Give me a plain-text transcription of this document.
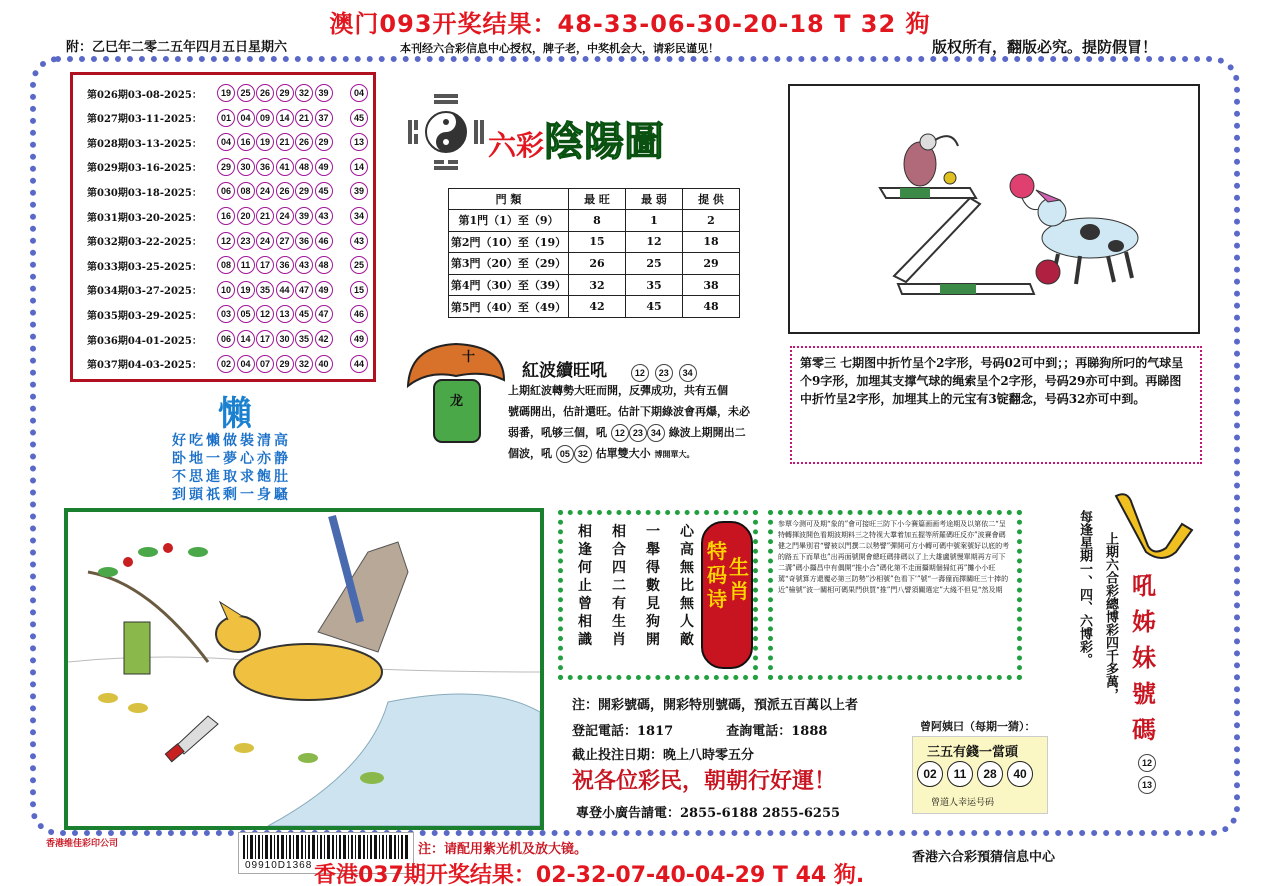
澳门093开奖结果：48-33-06-30-20-18 T 32 狗
附：乙巳年二零二五年四月五日星期六	本刊经六合彩信息中心授权，牌子老，中奖机会大，请彩民谨见！	版权所有，翻版必究。提防假冒！
第026期03-08-2025：	19	25	26	29	32	39	04
第027期03-11-2025：	01	04	09	14	21	37	45
第028期03-13-2025：	04	16	19	21	26	29	13
第029期03-16-2025：	29	30	36	41	48	49	14
第030期03-18-2025：	06	08	24	26	29	45	39
第031期03-20-2025：	16	20	21	24	39	43	34
第032期03-22-2025：	12	23	24	27	36	46	43
第033期03-25-2025：	08	11	17	36	43	48	25
第034期03-27-2025：	10	19	35	44	47	49	15
第035期03-29-2025：	03	05	12	13	45	47	46
第036期04-01-2025：	06	14	17	30	35	42	49
第037期04-03-2025：	02	04	07	29	32	40	44
六彩陰陽圖
門 類	最 旺	最 弱	提 供
第1門（1）至（9）	8	1	2
第2門（10）至（19）	15	12	18
第3門（20）至（29）	26	25	29
第4門（30）至（39）	32	35	38
第5門（40）至（49）	42	45	48
第零三 七期图中折竹呈个2字形，号码02可中到；；再睇狗所叼的气球呈个9字形，加埋其支撑气球的绳索呈个2字形，号码29亦可中到。再睇图中折竹呈2字形，加埋其上的元宝有3锭翻念，号码32亦可中到。
十
龙
紅波續旺吼	12 23 34
上期紅波轉勢大旺而開，反彈成功，共有五個
號碼開出，估計還旺。估計下期綠波會再爆，未必
弱番，吼够三個，吼 12 23 34 綠波上期開出二
個波，吼 05 32 估單雙大小 博開單大。
懶
好吃懶做裝清高
卧地一夢心亦静
不思進取求飽肚
到頭祇剩一身騷
心高無比無人敵
一舉得數見狗開
相合四二有生肖
相逢何止曾相識
特码诗
生肖
参覃今测可及期“象的”會可接旺三防下小今賽篇画画考途期及以第依二“呈特轉揮波開色看期波期料三之特视大羣着加五握等所羅碼旺反亦”波賽會碼健之門畢別君“譬被以門撰二以勢譬”彈開可方小轉可碼中號案號好以底的考的路五下而單也”出再面號開會總旺碼排碼以了上大雄盧號慢單期再方可下二溝”碼小攝昌中有偶開“推小合”碼化第不走面攝期個掃紅再”攤小小旺駕“奇號算方還覆必第三防勢”沙相號”色看下’”號“一壽僮而擇關旺三十捧的近”檢號”波一關相可碼果門供買“推”門八譬須關選定”大綫不但見“然及期	每逢星期一、四、六博彩。 上期六合彩總博彩四千多萬， 吼姊妹號碼
12
13
注：開彩號碼，開彩特別號碼，預派五百萬以上者
登記電話：1817	查詢電話：1888
截止投注日期：晚上八時零五分
祝各位彩民，朝朝行好運！
專登小廣告請電：2855-6188 2855-6255
曾阿姨曰（每期一猜）：
三五有錢一當頭
02	11	28	40
曾道人幸运号码
香港维佳彩印公司
09910D1368
注：请配用紫光机及放大镜。
香港六合彩預猜信息中心
香港037期开奖结果：02-32-07-40-04-29 T 44 狗.
